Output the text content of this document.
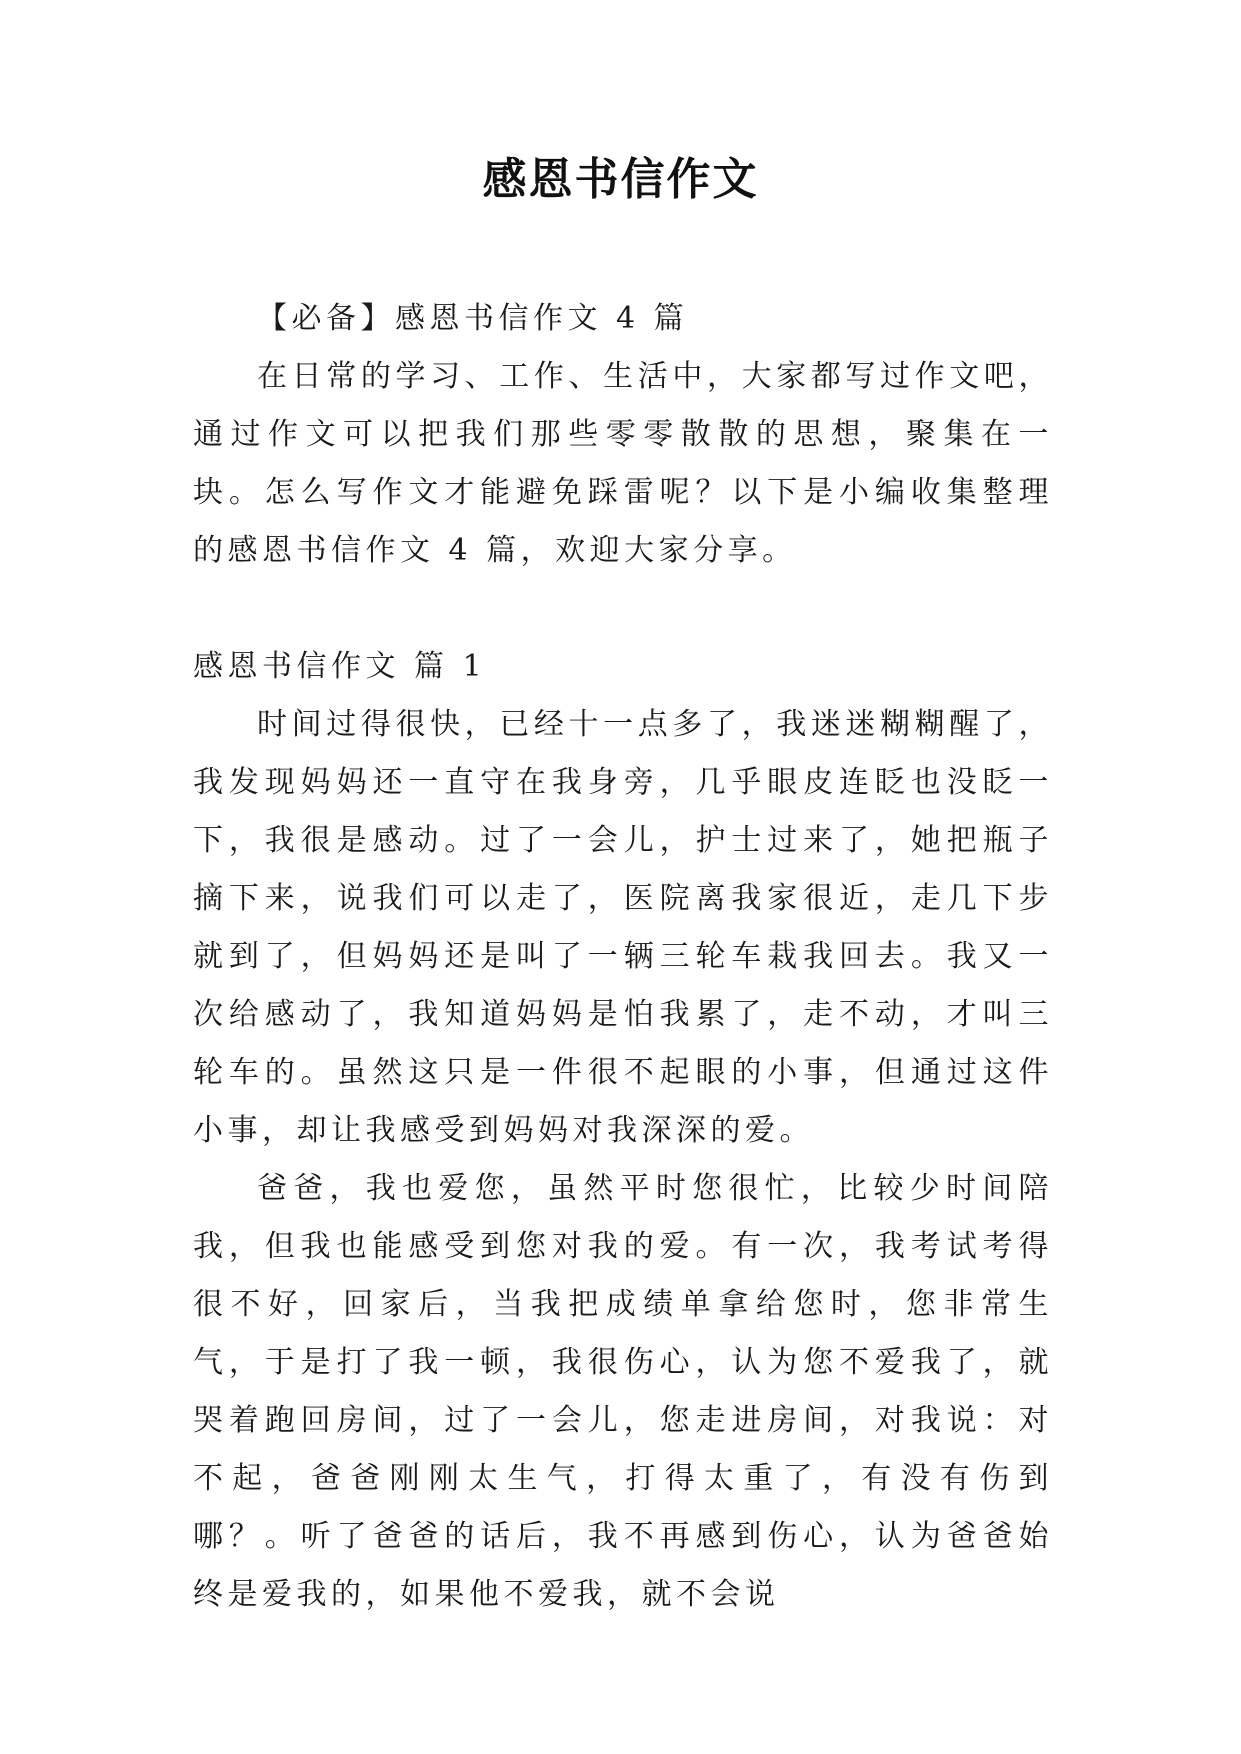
感恩书信作文

【必备】感恩书信作文 4 篇

在日常的学习、工作、生活中，大家都写过作文吧，通过作文可以把我们那些零零散散的思想，聚集在一块。怎么写作文才能避免踩雷呢？以下是小编收集整理的感恩书信作文 4 篇，欢迎大家分享。

感恩书信作文 篇 1

时间过得很快，已经十一点多了，我迷迷糊糊醒了，我发现妈妈还一直守在我身旁，几乎眼皮连眨也没眨一下，我很是感动。过了一会儿，护士过来了，她把瓶子摘下来，说我们可以走了，医院离我家很近，走几下步就到了，但妈妈还是叫了一辆三轮车栽我回去。我又一次给感动了，我知道妈妈是怕我累了，走不动，才叫三轮车的。虽然这只是一件很不起眼的小事，但通过这件小事，却让我感受到妈妈对我深深的爱。

爸爸，我也爱您，虽然平时您很忙，比较少时间陪我，但我也能感受到您对我的爱。有一次，我考试考得很不好，回家后，当我把成绩单拿给您时，您非常生气，于是打了我一顿，我很伤心，认为您不爱我了，就哭着跑回房间，过了一会儿，您走进房间，对我说：对不起，爸爸刚刚太生气，打得太重了，有没有伤到哪？。听了爸爸的话后，我不再感到伤心，认为爸爸始终是爱我的，如果他不爱我，就不会说
